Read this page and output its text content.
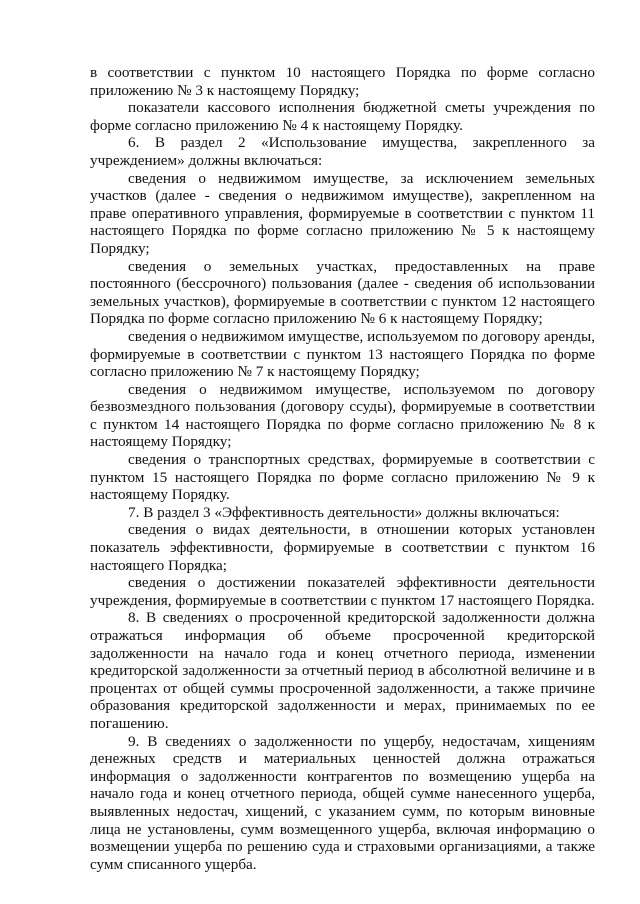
в соответствии с пунктом 10 настоящего Порядка по форме согласно приложению № 3 к настоящему Порядку;

показатели кассового исполнения бюджетной сметы учреждения по форме согласно приложению № 4 к настоящему Порядку.

6. В раздел 2 «Использование имущества, закрепленного за учреждением» должны включаться:

сведения о недвижимом имуществе, за исключением земельных участков (далее - сведения о недвижимом имуществе), закрепленном на праве оперативного управления, формируемые в соответствии с пунктом 11 настоящего Порядка по форме согласно приложению № 5 к настоящему Порядку;

сведения о земельных участках, предоставленных на праве постоянного (бессрочного) пользования (далее - сведения об использовании земельных участков), формируемые в соответствии с пунктом 12 настоящего Порядка по форме согласно приложению № 6 к настоящему Порядку;

сведения о недвижимом имуществе, используемом по договору аренды, формируемые в соответствии с пунктом 13 настоящего Порядка по форме согласно приложению № 7 к настоящему Порядку;

сведения о недвижимом имуществе, используемом по договору безвозмездного пользования (договору ссуды), формируемые в соответствии с пунктом 14 настоящего Порядка по форме согласно приложению № 8 к настоящему Порядку;

сведения о транспортных средствах, формируемые в соответствии с пунктом 15 настоящего Порядка по форме согласно приложению № 9 к настоящему Порядку.

7. В раздел 3 «Эффективность деятельности» должны включаться:

сведения о видах деятельности, в отношении которых установлен показатель эффективности, формируемые в соответствии с пунктом 16 настоящего Порядка;

сведения о достижении показателей эффективности деятельности учреждения, формируемые в соответствии с пунктом 17 настоящего Порядка.

8. В сведениях о просроченной кредиторской задолженности должна отражаться информация об объеме просроченной кредиторской задолженности на начало года и конец отчетного периода, изменении кредиторской задолженности за отчетный период в абсолютной величине и в процентах от общей суммы просроченной задолженности, а также причине образования кредиторской задолженности и мерах, принимаемых по ее погашению.

9. В сведениях о задолженности по ущербу, недостачам, хищениям денежных средств и материальных ценностей должна отражаться информация о задолженности контрагентов по возмещению ущерба на начало года и конец отчетного периода, общей сумме нанесенного ущерба, выявленных недостач, хищений, с указанием сумм, по которым виновные лица не установлены, сумм возмещенного ущерба, включая информацию о возмещении ущерба по решению суда и страховыми организациями, а также сумм списанного ущерба.
